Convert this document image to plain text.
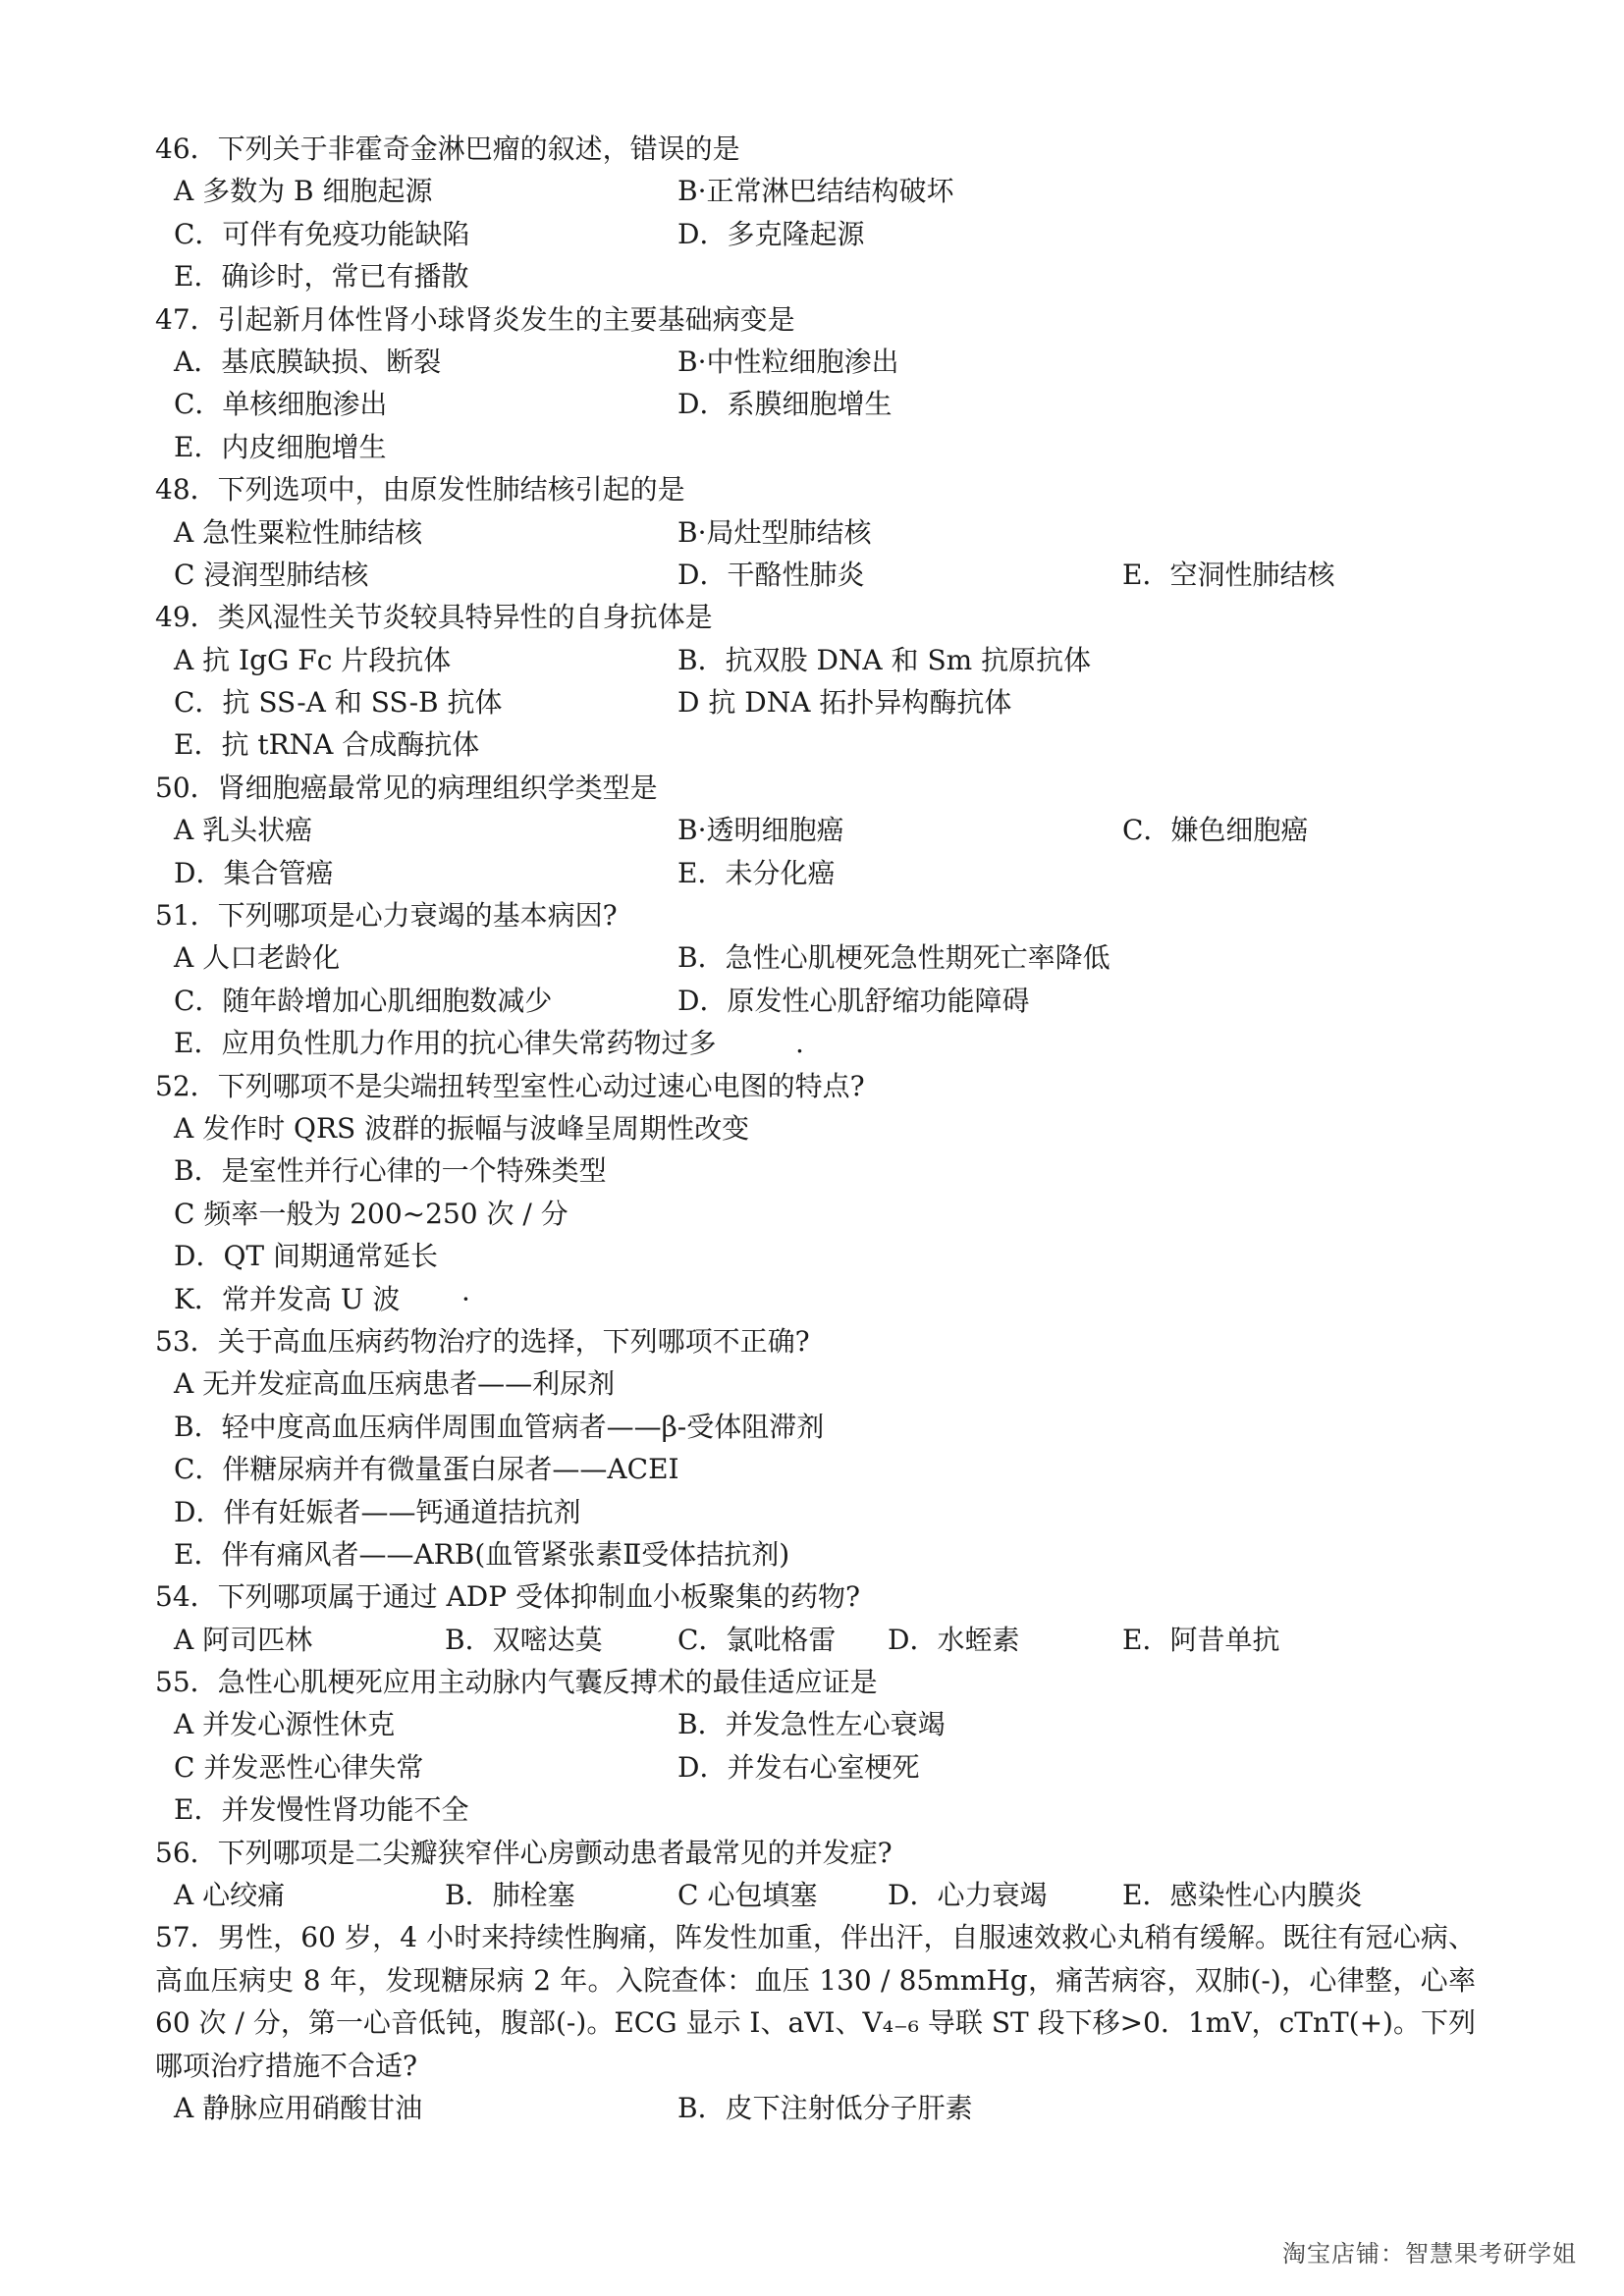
46．下列关于非霍奇金淋巴瘤的叙述，错误的是
A 多数为 B 细胞起源	B·正常淋巴结结构破坏
C．可伴有免疫功能缺陷	D．多克隆起源
E．确诊时，常已有播散
47．引起新月体性肾小球肾炎发生的主要基础病变是
A．基底膜缺损、断裂	B·中性粒细胞渗出
C．单核细胞渗出	D．系膜细胞增生
E．内皮细胞增生
48．下列选项中，由原发性肺结核引起的是
A 急性粟粒性肺结核	B·局灶型肺结核
C 浸润型肺结核	D．干酪性肺炎	E．空洞性肺结核
49．类风湿性关节炎较具特异性的自身抗体是
A 抗 IgG Fc 片段抗体	B．抗双股 DNA 和 Sm 抗原抗体
C．抗 SS-A 和 SS-B 抗体	D 抗 DNA 拓扑异构酶抗体
E．抗 tRNA 合成酶抗体
50．肾细胞癌最常见的病理组织学类型是
A 乳头状癌	B·透明细胞癌	C．嫌色细胞癌
D．集合管癌	E．未分化癌
51．下列哪项是心力衰竭的基本病因?
A 人口老龄化	B．急性心肌梗死急性期死亡率降低
C．随年龄增加心肌细胞数减少	D．原发性心肌舒缩功能障碍
E．应用负性肌力作用的抗心律失常药物过多	.
52．下列哪项不是尖端扭转型室性心动过速心电图的特点?
A 发作时 QRS 波群的振幅与波峰呈周期性改变
B．是室性并行心律的一个特殊类型
C 频率一般为 200~250 次 / 分
D．QT 间期通常延长
K．常并发高 U 波 ·
53．关于高血压病药物治疗的选择，下列哪项不正确?
A 无并发症高血压病患者——利尿剂
B．轻中度高血压病伴周围血管病者——β-受体阻滞剂
C．伴糖尿病并有微量蛋白尿者——ACEI
D．伴有妊娠者——钙通道拮抗剂
E．伴有痛风者——ARB(血管紧张素Ⅱ受体拮抗剂)
54．下列哪项属于通过 ADP 受体抑制血小板聚集的药物?
A 阿司匹林	B．双嘧达莫	C．氯吡格雷 D．水蛭素	E．阿昔单抗
55．急性心肌梗死应用主动脉内气囊反搏术的最佳适应证是
A 并发心源性休克	B．并发急性左心衰竭
C 并发恶性心律失常	D．并发右心室梗死
E．并发慢性肾功能不全
56．下列哪项是二尖瓣狭窄伴心房颤动患者最常见的并发症?
A 心绞痛	B．肺栓塞	C 心包填塞	D．心力衰竭	E．感染性心内膜炎
57．男性，60 岁，4 小时来持续性胸痛，阵发性加重，伴出汗，自服速效救心丸稍有缓解。既往有冠心病、高血压病史 8 年，发现糖尿病 2 年。入院查体：血压 130 / 85mmHg，痛苦病容，双肺(-)，心律整，心率 60 次 / 分，第一心音低钝，腹部(-)。ECG 显示 I、aVI、V₄₋₆ 导联 ST 段下移>0．1mV，cTnT(+)。下列哪项治疗措施不合适?
A 静脉应用硝酸甘油	B．皮下注射低分子肝素
淘宝店铺：智慧果考研学姐
